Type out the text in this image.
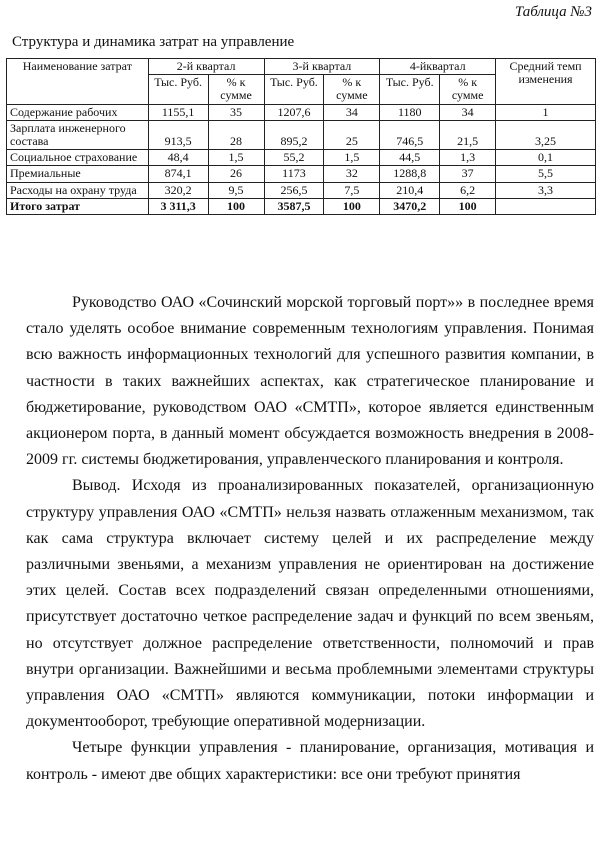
Таблица №3
Структура и динамика затрат на управление
Наименование затрат	2-й квартал		3-й квартал		4-йквартал		Средний темп изменения
	Тыс. Руб.	% к сумме	Тыс. Руб.	% к сумме	Тыс. Руб.	% к сумме	
Содержание рабочих	1155,1	35	1207,6	34	1180	34	1
Зарплата инженерного состава	913,5	28	895,2	25	746,5	21,5	3,25
Социальное страхование	48,4	1,5	55,2	1,5	44,5	1,3	0,1
Премиальные	874,1	26	1173	32	1288,8	37	5,5
Расходы на охрану труда	320,2	9,5	256,5	7,5	210,4	6,2	3,3
Итого затрат	3 311,3	100	3587,5	100	3470,2	100	

Руководство ОАО «Сочинский морской торговый порт»» в последнее время стало уделять особое внимание современным технологиям управления. Понимая всю важность информационных технологий для успешного развития компании, в частности в таких важнейших аспектах, как стратегическое планирование и бюджетирование, руководством ОАО «СМТП», которое является единственным акционером порта, в данный момент обсуждается возможность внедрения в 2008-2009 гг. системы бюджетирования, управленческого планирования и контроля.

Вывод. Исходя из проанализированных показателей, организационную структуру управления ОАО «СМТП» нельзя назвать отлаженным механизмом, так как сама структура включает систему целей и их распределение между различными звеньями, а механизм управления не ориентирован на достижение этих целей. Состав всех подразделений связан определенными отношениями, присутствует достаточно четкое распределение задач и функций по всем звеньям, но отсутствует должное распределение ответственности, полномочий и прав внутри организации. Важнейшими и весьма проблемными элементами структуры управления ОАО «СМТП» являются коммуникации, потоки информации и документооборот, требующие оперативной модернизации.

Четыре функции управления - планирование, организация, мотивация и контроль - имеют две общих характеристики: все они требуют принятия
